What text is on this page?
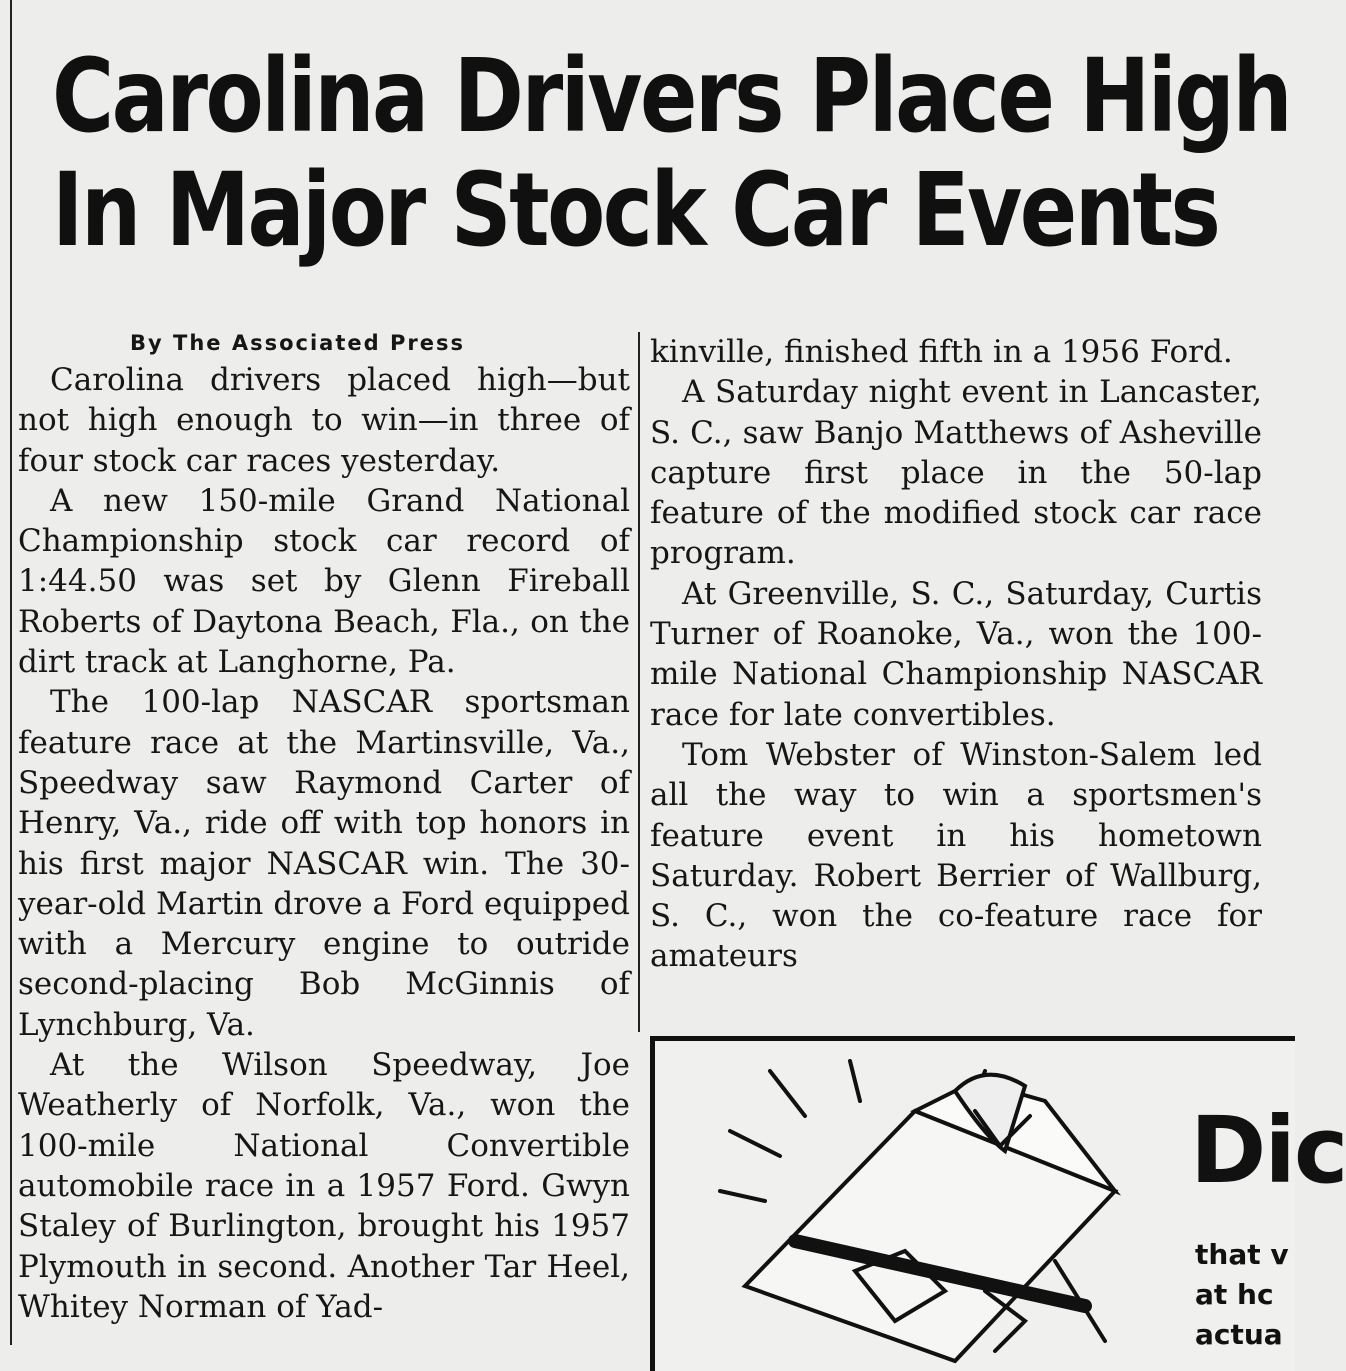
Carolina Drivers Place High
In Major Stock Car Events
By The Associated Press

Carolina drivers placed high—but not high enough to win—in three of four stock car races yesterday.

A new 150-mile Grand National Championship stock car record of 1:44.50 was set by Glenn Fireball Roberts of Daytona Beach, Fla., on the dirt track at Langhorne, Pa.

The 100-lap NASCAR sportsman feature race at the Martinsville, Va., Speedway saw Raymond Carter of Henry, Va., ride off with top honors in his first major NASCAR win. The 30-year-old Martin drove a Ford equipped with a Mercury engine to outride second-placing Bob McGinnis of Lynchburg, Va.

At the Wilson Speedway, Joe Weatherly of Norfolk, Va., won the 100-mile National Convertible automobile race in a 1957 Ford. Gwyn Staley of Burlington, brought his 1957 Plymouth in second. Another Tar Heel, Whitey Norman of Yad-

kinville, finished fifth in a 1956 Ford.

A Saturday night event in Lancaster, S. C., saw Banjo Matthews of Asheville capture first place in the 50-lap feature of the modified stock car race program.

At Greenville, S. C., Saturday, Curtis Turner of Roanoke, Va., won the 100-mile National Championship NASCAR race for late convertibles.

Tom Webster of Winston-Salem led all the way to win a sportsmen's feature event in his hometown Saturday. Robert Berrier of Wallburg, S. C., won the co-feature race for amateurs

Dic
that v
at hc
actua
